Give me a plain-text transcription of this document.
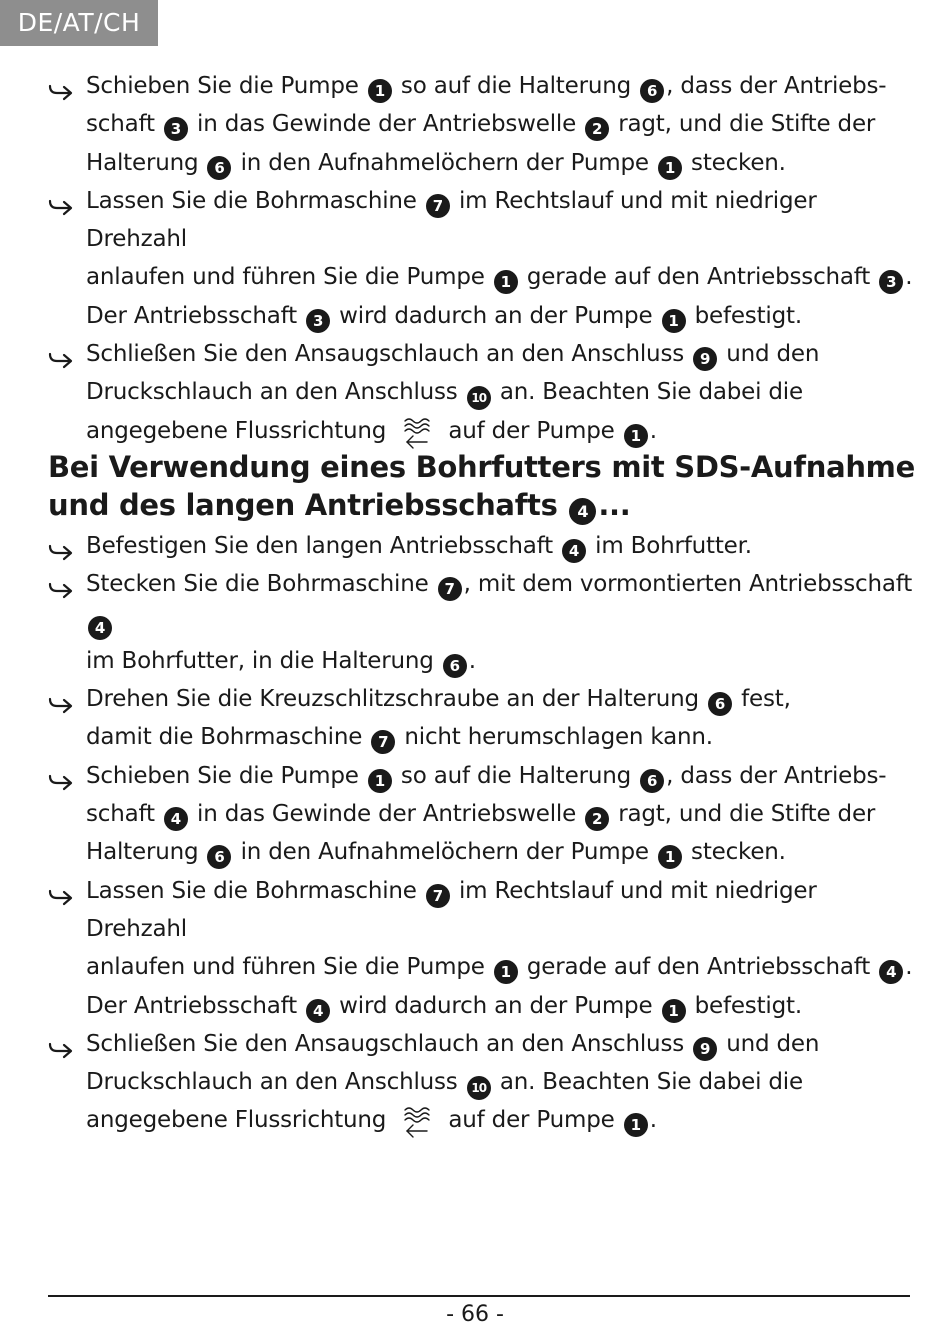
DE/AT/CH
Schieben Sie die Pumpe 1 so auf die Halterung 6 , dass der Antriebs-
schaft 3 in das Gewinde der Antriebswelle 2 ragt, und die Stifte der
Halterung 6 in den Aufnahmelöchern der Pumpe 1 stecken.
Lassen Sie die Bohrmaschine 7 im Rechtslauf und mit niedriger Drehzahl
anlaufen und führen Sie die Pumpe 1 gerade auf den Antriebsschaft 3 .
Der Antriebsschaft 3 wird dadurch an der Pumpe 1 befestigt.
Schließen Sie den Ansaugschlauch an den Anschluss 9 und den
Druckschlauch an den Anschluss 10 an. Beachten Sie dabei die
angegebene Flussrichtung  auf der Pumpe 1 .
Bei Verwendung eines Bohrfutters mit SDS-Aufnahme
und des langen Antriebsschafts 4 ...
Befestigen Sie den langen Antriebsschaft 4 im Bohrfutter.
Stecken Sie die Bohrmaschine 7 , mit dem vormontierten Antriebsschaft 4
im Bohrfutter, in die Halterung 6 .
Drehen Sie die Kreuzschlitzschraube an der Halterung 6 fest,
damit die Bohrmaschine 7 nicht herumschlagen kann.
Schieben Sie die Pumpe 1 so auf die Halterung 6 , dass der Antriebs-
schaft 4 in das Gewinde der Antriebswelle 2 ragt, und die Stifte der
Halterung 6 in den Aufnahmelöchern der Pumpe 1 stecken.
Lassen Sie die Bohrmaschine 7 im Rechtslauf und mit niedriger Drehzahl
anlaufen und führen Sie die Pumpe 1 gerade auf den Antriebsschaft 4 .
Der Antriebsschaft 4 wird dadurch an der Pumpe 1 befestigt.
Schließen Sie den Ansaugschlauch an den Anschluss 9 und den
Druckschlauch an den Anschluss 10 an. Beachten Sie dabei die
angegebene Flussrichtung  auf der Pumpe 1 .
- 66 -
